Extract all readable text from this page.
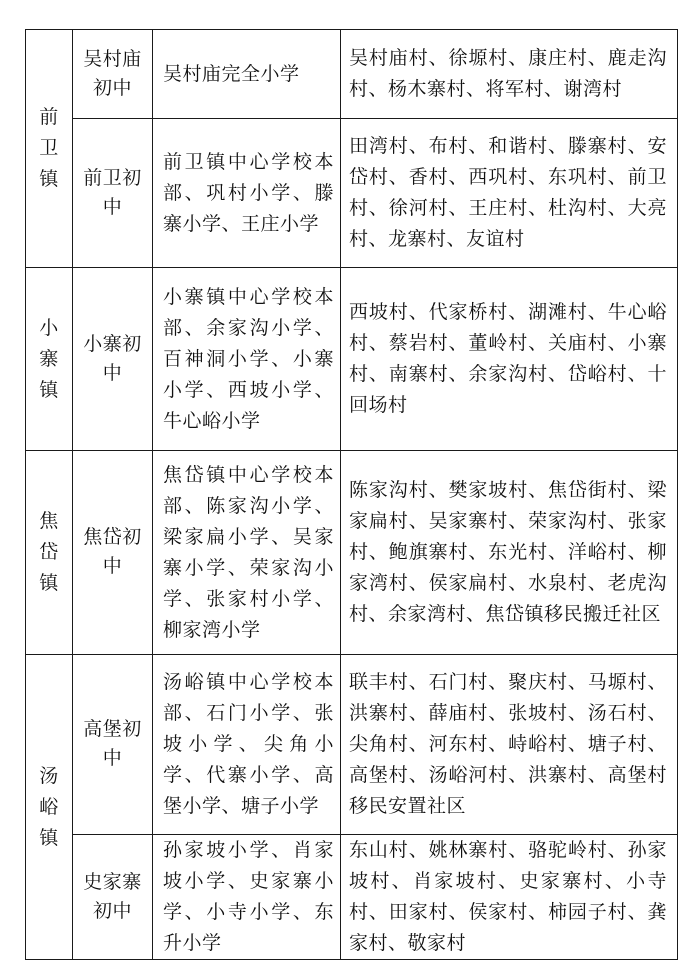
前卫镇	吴村庙初中	吴村庙完全小学	吴村庙村、徐塬村、康庄村、鹿走沟村、杨木寨村、将军村、谢湾村

	前卫初中	前卫镇中心学校本部、巩村小学、滕寨小学、王庄小学	田湾村、布村、和谐村、滕寨村、安岱村、香村、西巩村、东巩村、前卫村、徐河村、王庄村、杜沟村、大亮村、龙寨村、友谊村

小寨镇	小寨初中	小寨镇中心学校本部、余家沟小学、百神洞小学、小寨小学、西坡小学、牛心峪小学	西坡村、代家桥村、湖滩村、牛心峪村、蔡岩村、董岭村、关庙村、小寨村、南寨村、余家沟村、岱峪村、十回场村

焦岱镇	焦岱初中	焦岱镇中心学校本部、陈家沟小学、梁家扁小学、吴家寨小学、荣家沟小学、张家村小学、柳家湾小学	陈家沟村、樊家坡村、焦岱街村、梁家扁村、吴家寨村、荣家沟村、张家村、鲍旗寨村、东光村、洋峪村、柳家湾村、侯家扁村、水泉村、老虎沟村、余家湾村、焦岱镇移民搬迁社区

汤峪镇	高堡初中	汤峪镇中心学校本部、石门小学、张坡小学、尖角小学、代寨小学、高堡小学、塘子小学	联丰村、石门村、聚庆村、马塬村、洪寨村、薛庙村、张坡村、汤石村、尖角村、河东村、峙峪村、塘子村、高堡村、汤峪河村、洪寨村、高堡村移民安置社区

	史家寨初中	孙家坡小学、肖家坡小学、史家寨小学、小寺小学、东升小学	东山村、姚林寨村、骆驼岭村、孙家坡村、肖家坡村、史家寨村、小寺村、田家村、侯家村、柿园子村、龚家村、敬家村
